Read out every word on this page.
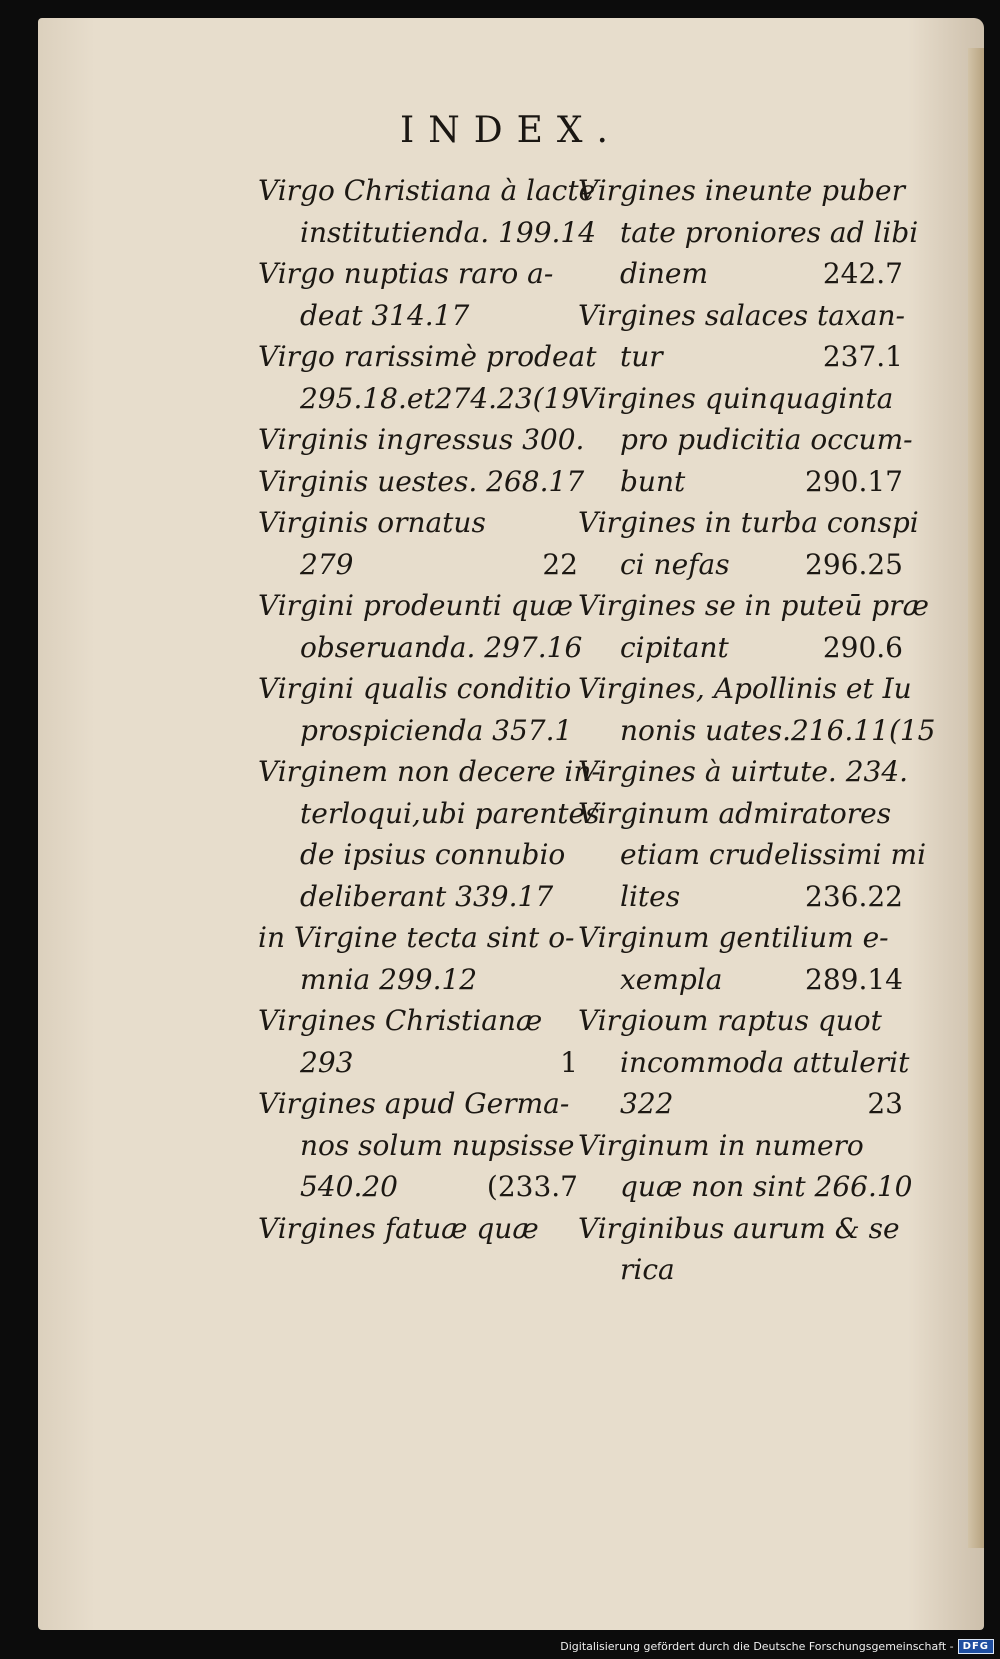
INDEX.
Virgo Christiana à lacte
institutienda. 199.14
Virgo nuptias raro a-
deat 314.17
Virgo rarissimè prodeat
295.18.et274.23(19
Virginis ingressus 300.
Virginis uestes. 268.17
Virginis ornatus
279	22
Virgini prodeunti quæ
obseruanda. 297.16
Virgini qualis conditio
prospicienda 357.1
Virginem non decere in-
terloqui,ubi parentes
de ipsius connubio
deliberant 339.17
in Virgine tecta sint o-
mnia 299.12
Virgines Christianæ
293	1
Virgines apud Germa-
nos solum nupsisse
540.20	(233.7
Virgines fatuæ quæ
Virgines ineunte puber
tate proniores ad libi
dinem	242.7
Virgines salaces taxan-
tur	237.1
Virgines quinquaginta
pro pudicitia occum-
bunt	290.17
Virgines in turba conspi
ci nefas	296.25
Virgines se in puteū præ
cipitant	290.6
Virgines, Apollinis et Iu
nonis uates.216.11(15
Virgines à uirtute. 234.
Virginum admiratores
etiam crudelissimi mi
lites	236.22
Virginum gentilium e-
xempla	289.14
Virgioum raptus quot
incommoda attulerit
322	23
Virginum in numero
quæ non sint 266.10
Virginibus aurum & se
rica
Digitalisierung gefördert durch die Deutsche Forschungsgemeinschaft - DFG
